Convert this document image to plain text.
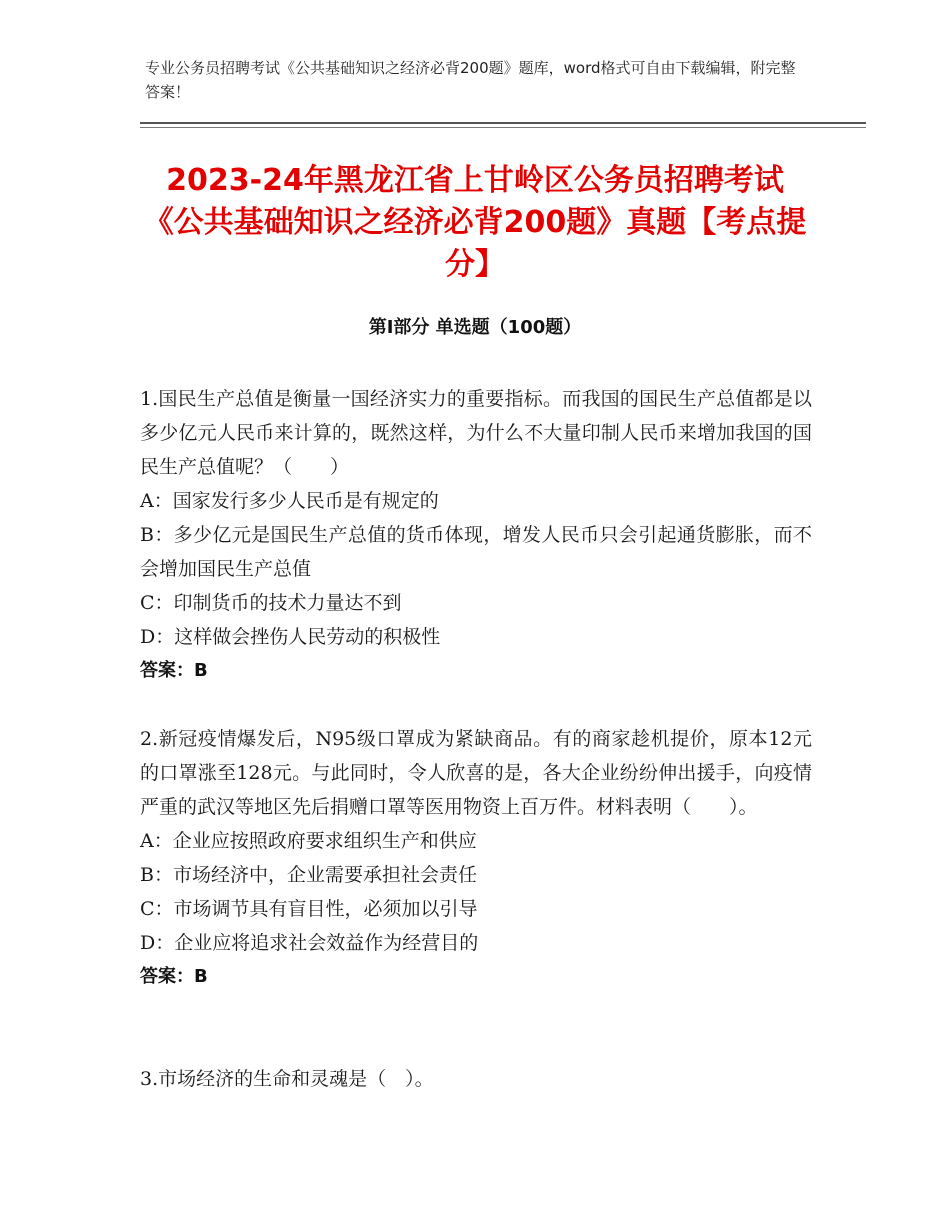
专业公务员招聘考试《公共基础知识之经济必背200题》题库，word格式可自由下载编辑，附完整答案！
2023-24年黑龙江省上甘岭区公务员招聘考试《公共基础知识之经济必背200题》真题【考点提分】
第Ⅰ部分 单选题（100题）

1.国民生产总值是衡量一国经济实力的重要指标。而我国的国民生产总值都是以多少亿元人民币来计算的，既然这样，为什么不大量印制人民币来增加我国的国民生产总值呢？（　　）

A：国家发行多少人民币是有规定的

B：多少亿元是国民生产总值的货币体现，增发人民币只会引起通货膨胀，而不会增加国民生产总值

C：印制货币的技术力量达不到

D：这样做会挫伤人民劳动的积极性

答案：B

2.新冠疫情爆发后，N95级口罩成为紧缺商品。有的商家趁机提价，原本12元的口罩涨至128元。与此同时，令人欣喜的是，各大企业纷纷伸出援手，向疫情严重的武汉等地区先后捐赠口罩等医用物资上百万件。材料表明（　　）。

A：企业应按照政府要求组织生产和供应

B：市场经济中，企业需要承担社会责任

C：市场调节具有盲目性，必须加以引导

D：企业应将追求社会效益作为经营目的

答案：B

3.市场经济的生命和灵魂是（　）。
